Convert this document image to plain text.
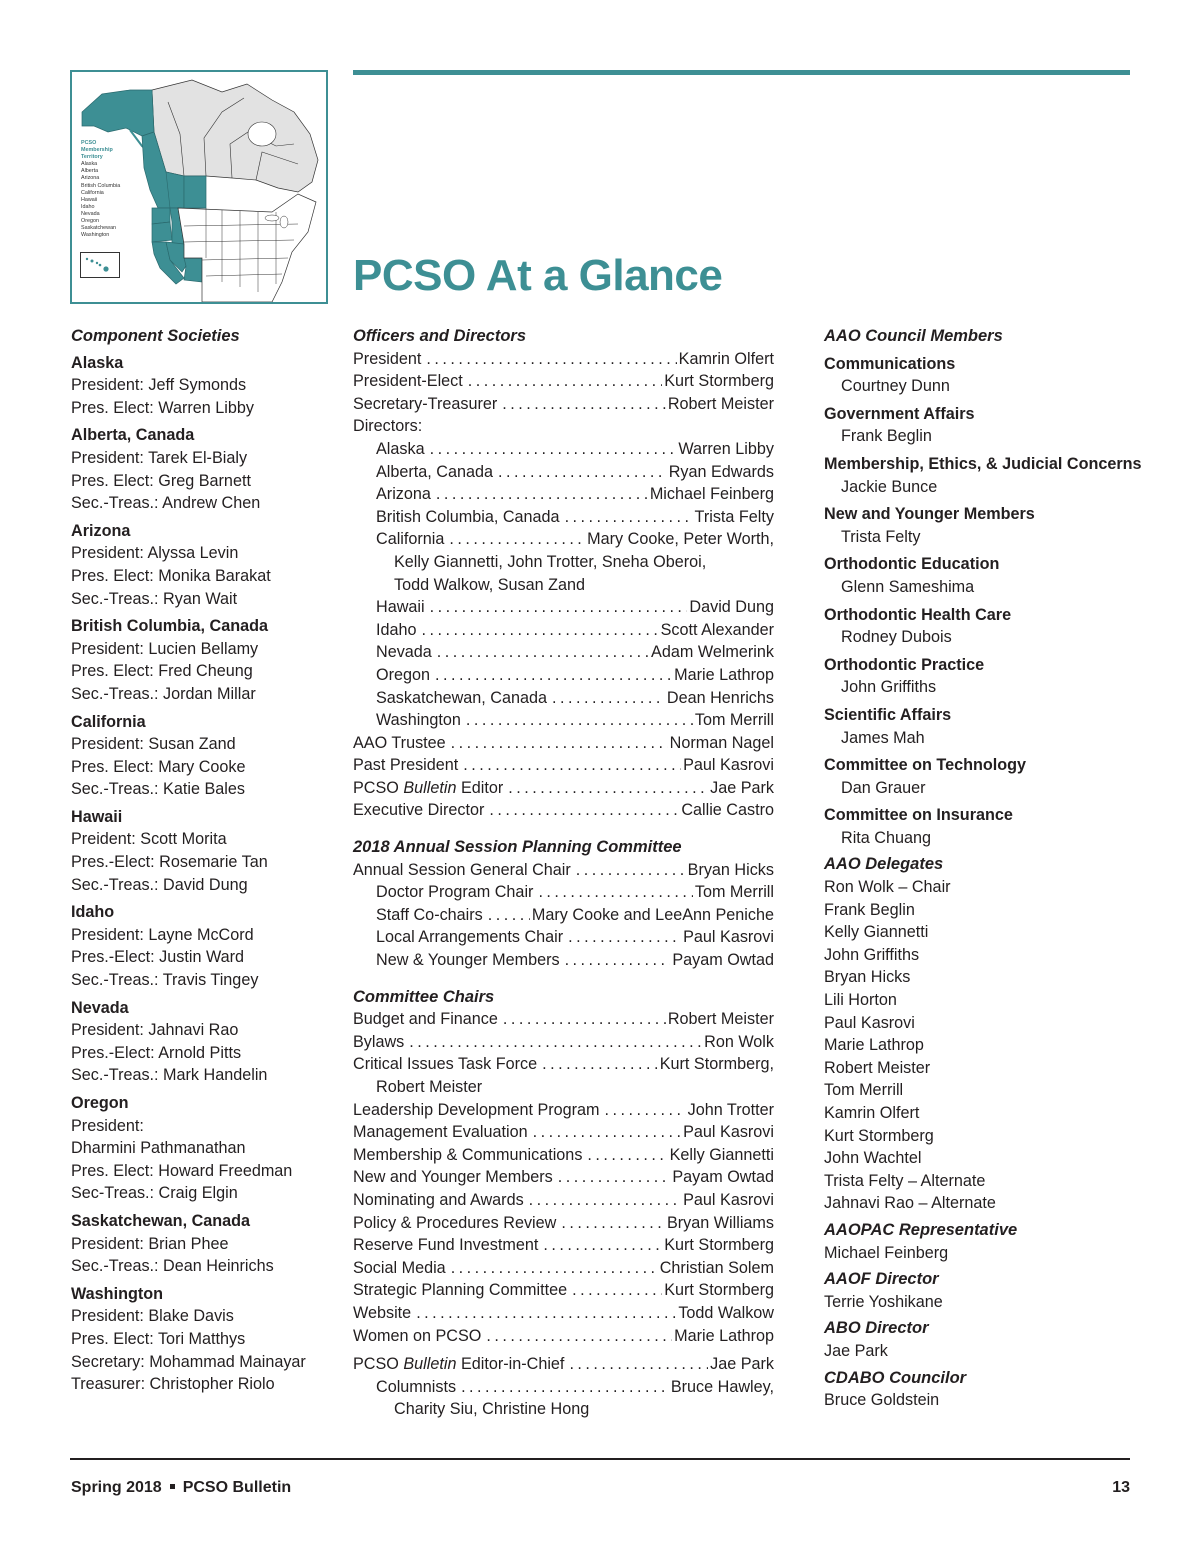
PCSO
Membership
Territory
Alaska
Alberta
Arizona
British Columbia
California
Hawaii
Idaho
Nevada
Oregon
Saskatchewan
Washington
PCSO At a Glance
Component Societies
Alaska
President: Jeff Symonds
Pres. Elect: Warren Libby
Alberta, Canada
President: Tarek El-Bialy
Pres. Elect: Greg Barnett
Sec.-Treas.: Andrew Chen
Arizona
President: Alyssa Levin
Pres. Elect: Monika Barakat
Sec.-Treas.: Ryan Wait
British Columbia, Canada
President: Lucien Bellamy
Pres. Elect: Fred Cheung
Sec.-Treas.: Jordan Millar
California
President: Susan Zand
Pres. Elect: Mary Cooke
Sec.-Treas.: Katie Bales
Hawaii
Preident: Scott Morita
Pres.-Elect: Rosemarie Tan
Sec.-Treas.: David Dung
Idaho
President: Layne McCord
Pres.-Elect: Justin Ward
Sec.-Treas.: Travis Tingey
Nevada
President: Jahnavi Rao
Pres.-Elect: Arnold Pitts
Sec.-Treas.: Mark Handelin
Oregon
President:
Dharmini Pathmanathan
Pres. Elect: Howard Freedman
Sec-Treas.: Craig Elgin
Saskatchewan, Canada
President: Brian Phee
Sec.-Treas.: Dean Heinrichs
Washington
President: Blake Davis
Pres. Elect: Tori Matthys
Secretary: Mohammad Mainayar
Treasurer: Christopher Riolo
Officers and Directors
President . . .	Kamrin Olfert
President-Elect . . .	Kurt Stormberg
Secretary-Treasurer . . .	Robert Meister
Directors:
Alaska . . .	Warren Libby
Alberta, Canada . . .	Ryan Edwards
Arizona . . .	Michael Feinberg
British Columbia, Canada . . .	Trista Felty
California . . .	Mary Cooke, Peter Worth,
Kelly Giannetti, John Trotter, Sneha Oberoi,
Todd Walkow, Susan Zand
Hawaii . . .	David Dung
Idaho . . .	Scott Alexander
Nevada . . .	Adam Welmerink
Oregon . . .	Marie Lathrop
Saskatchewan, Canada . . .	Dean Henrichs
Washington . . .	Tom Merrill
AAO Trustee . . .	Norman Nagel
Past President . . .	Paul Kasrovi
PCSO Bulletin Editor . . .	Jae Park
Executive Director . . .	Callie Castro
2018 Annual Session Planning Committee
Annual Session General Chair . . .	Bryan Hicks
Doctor Program Chair . . .	Tom Merrill
Staff Co-chairs . . .	Mary Cooke and LeeAnn Peniche
Local Arrangements Chair . . .	Paul Kasrovi
New & Younger Members . . .	Payam Owtad
Committee Chairs
Budget and Finance . . .	Robert Meister
Bylaws . . .	Ron Wolk
Critical Issues Task Force . . .	Kurt Stormberg,
Robert Meister
Leadership Development Program . . .	John Trotter
Management Evaluation . . .	Paul Kasrovi
Membership & Communications . . .	Kelly Giannetti
New and Younger Members . . .	Payam Owtad
Nominating and Awards . . .	Paul Kasrovi
Policy & Procedures Review . . .	Bryan Williams
Reserve Fund Investment . . .	Kurt Stormberg
Social Media . . .	Christian Solem
Strategic Planning Committee . . .	Kurt Stormberg
Website . . .	Todd Walkow
Women on PCSO . . .	Marie Lathrop
PCSO Bulletin Editor-in-Chief . . .	Jae Park
Columnists . . .	Bruce Hawley,
Charity Siu, Christine Hong
AAO Council Members
Communications
Courtney Dunn
Government Affairs
Frank Beglin
Membership, Ethics, & Judicial Concerns
Jackie Bunce
New and Younger Members
Trista Felty
Orthodontic Education
Glenn Sameshima
Orthodontic Health Care
Rodney Dubois
Orthodontic Practice
John Griffiths
Scientific Affairs
James Mah
Committee on Technology
Dan Grauer
Committee on Insurance
Rita Chuang
AAO Delegates
Ron Wolk – Chair
Frank Beglin
Kelly Giannetti
John Griffiths
Bryan Hicks
Lili Horton
Paul Kasrovi
Marie Lathrop
Robert Meister
Tom Merrill
Kamrin Olfert
Kurt Stormberg
John Wachtel
Trista Felty – Alternate
Jahnavi Rao – Alternate
AAOPAC Representative
Michael Feinberg
AAOF Director
Terrie Yoshikane
ABO Director
Jae Park
CDABO Councilor
Bruce Goldstein
Spring 2018 PCSO Bulletin	13
